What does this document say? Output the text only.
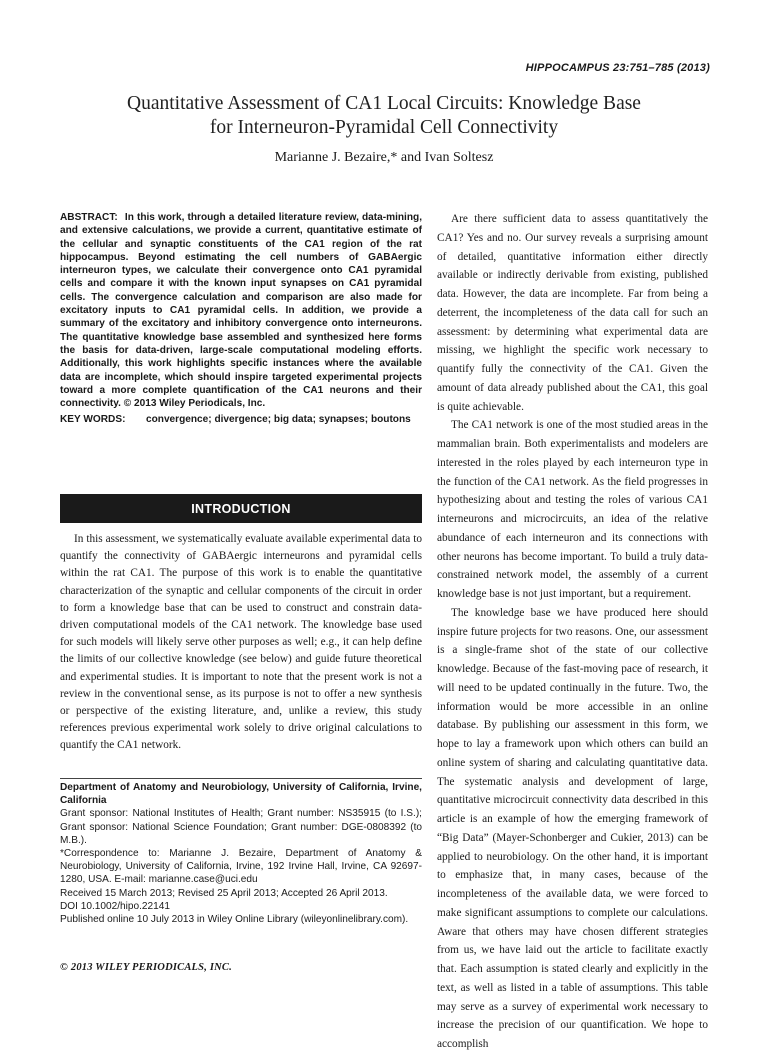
HIPPOCAMPUS 23:751–785 (2013)
Quantitative Assessment of CA1 Local Circuits: Knowledge Base
for Interneuron-Pyramidal Cell Connectivity
Marianne J. Bezaire,* and Ivan Soltesz
ABSTRACT: In this work, through a detailed literature review, data-mining, and extensive calculations, we provide a current, quantitative estimate of the cellular and synaptic constituents of the CA1 region of the rat hippocampus. Beyond estimating the cell numbers of GABAergic interneuron types, we calculate their convergence onto CA1 pyramidal cells and compare it with the known input synapses on CA1 pyramidal cells. The convergence calculation and comparison are also made for excitatory inputs to CA1 pyramidal cells. In addition, we provide a summary of the excitatory and inhibitory convergence onto interneurons. The quantitative knowledge base assembled and synthesized here forms the basis for data-driven, large-scale computational modeling efforts. Additionally, this work highlights specific instances where the available data are incomplete, which should inspire targeted experimental projects toward a more complete quantification of the CA1 neurons and their connectivity. © 2013 Wiley Periodicals, Inc.
KEY WORDS: convergence; divergence; big data; synapses; boutons
INTRODUCTION
In this assessment, we systematically evaluate available experimental data to quantify the connectivity of GABAergic interneurons and pyramidal cells within the rat CA1. The purpose of this work is to enable the quantitative characterization of the synaptic and cellular components of the circuit in order to form a knowledge base that can be used to construct and constrain data-driven computational models of the CA1 network. The knowledge base used for such models will likely serve other purposes as well; e.g., it can help define the limits of our collective knowledge (see below) and guide future theoretical and experimental studies. It is important to note that the present work is not a review in the conventional sense, as its purpose is not to offer a new synthesis or perspective of the existing literature, and, unlike a review, this study references previous experimental work solely to drive original calculations to quantify the CA1 network.

Department of Anatomy and Neurobiology, University of California, Irvine, California

Grant sponsor: National Institutes of Health; Grant number: NS35915 (to I.S.); Grant sponsor: National Science Foundation; Grant number: DGE-0808392 (to M.B.).

*Correspondence to: Marianne J. Bezaire, Department of Anatomy & Neurobiology, University of California, Irvine, 192 Irvine Hall, Irvine, CA 92697-1280, USA. E-mail: marianne.case@uci.edu

Received 15 March 2013; Revised 25 April 2013; Accepted 26 April 2013.

DOI 10.1002/hipo.22141

Published online 10 July 2013 in Wiley Online Library (wileyonlinelibrary.com).

© 2013 WILEY PERIODICALS, INC.

Are there sufficient data to assess quantitatively the CA1? Yes and no. Our survey reveals a surprising amount of detailed, quantitative information either directly available or indirectly derivable from existing, published data. However, the data are incomplete. Far from being a deterrent, the incompleteness of the data call for such an assessment: by determining what experimental data are missing, we highlight the specific work necessary to quantify fully the connectivity of the CA1. Given the amount of data already published about the CA1, this goal is quite achievable.

The CA1 network is one of the most studied areas in the mammalian brain. Both experimentalists and modelers are interested in the roles played by each interneuron type in the function of the CA1 network. As the field progresses in hypothesizing about and testing the roles of various CA1 interneurons and microcircuits, an idea of the relative abundance of each interneuron and its connections with other neurons has become important. To build a truly data-constrained network model, the assembly of a current knowledge base is not just important, but a requirement.

The knowledge base we have produced here should inspire future projects for two reasons. One, our assessment is a single-frame shot of the state of our collective knowledge. Because of the fast-moving pace of research, it will need to be updated continually in the future. Two, the information would be more accessible in an online database. By publishing our assessment in this form, we hope to lay a framework upon which others can build an online system of sharing and calculating quantitative data. The systematic analysis and development of large, quantitative microcircuit connectivity data described in this article is an example of how the emerging framework of “Big Data” (Mayer-Schonberger and Cukier, 2013) can be applied to neurobiology. On the other hand, it is important to emphasize that, in many cases, because of the incompleteness of the available data, we were forced to make significant assumptions to complete our calculations. Aware that others may have chosen different strategies from us, we have laid out the article to facilitate exactly that. Each assumption is stated clearly and explicitly in the text, as well as listed in a table of assumptions. This table may serve as a survey of experimental work necessary to increase the precision of our quantification. We hope to accomplish
